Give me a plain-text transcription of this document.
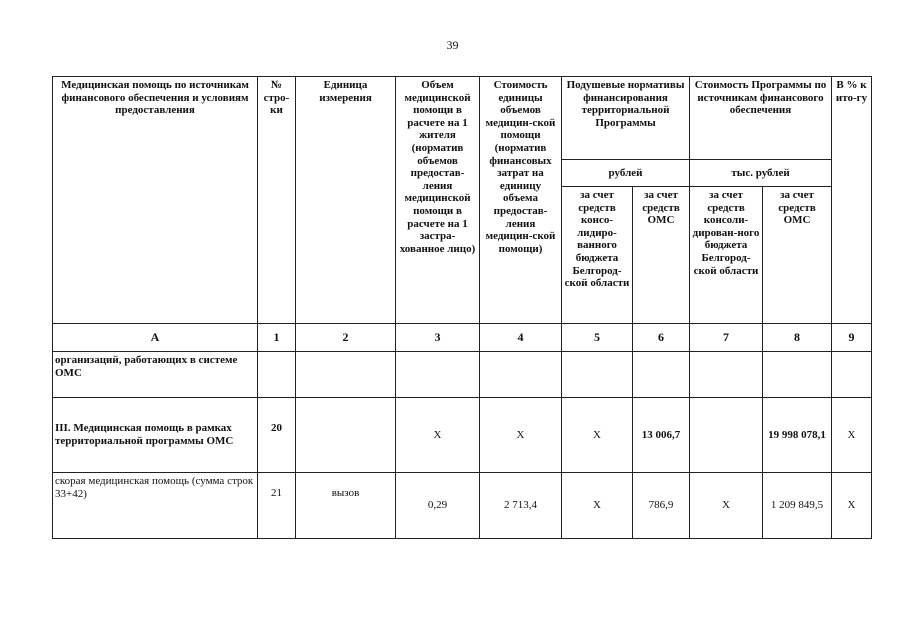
39
Медицинская помощь по источникам финансового обеспечения и условиям предоставления	№ стро-ки	Единица измерения	Объем медицинской помощи в расчете на 1 жителя (норматив объемов предостав-ления медицинской помощи в расчете на 1 застра-хованное лицо)	Стоимость единицы объемов медицин-ской помощи (норматив финансовых затрат на единицу объема предостав-ления медицин-ской помощи)	Подушевые нормативы финансирования территориальной Программы		Стоимость Программы по источникам финансового обеспечения		В % к ито-гу
					рублей		тыс. рублей		
					за счет средств консо-лидиро-ванного бюджета Белгород-ской области	за счет средств ОМС	за счет средств консоли-дирован-ного бюджета Белгород-ской области	за счет средств ОМС	
А	1	2	3	4	5	6	7	8	9
организаций, работающих в системе ОМС									
III. Медицинская помощь в рамках территориальной программы ОМС	20		X	X	X	13 006,7		19 998 078,1	X
скорая медицинская помощь (сумма строк 33+42)	21	вызов	0,29	2 713,4	X	786,9	X	1 209 849,5	X
